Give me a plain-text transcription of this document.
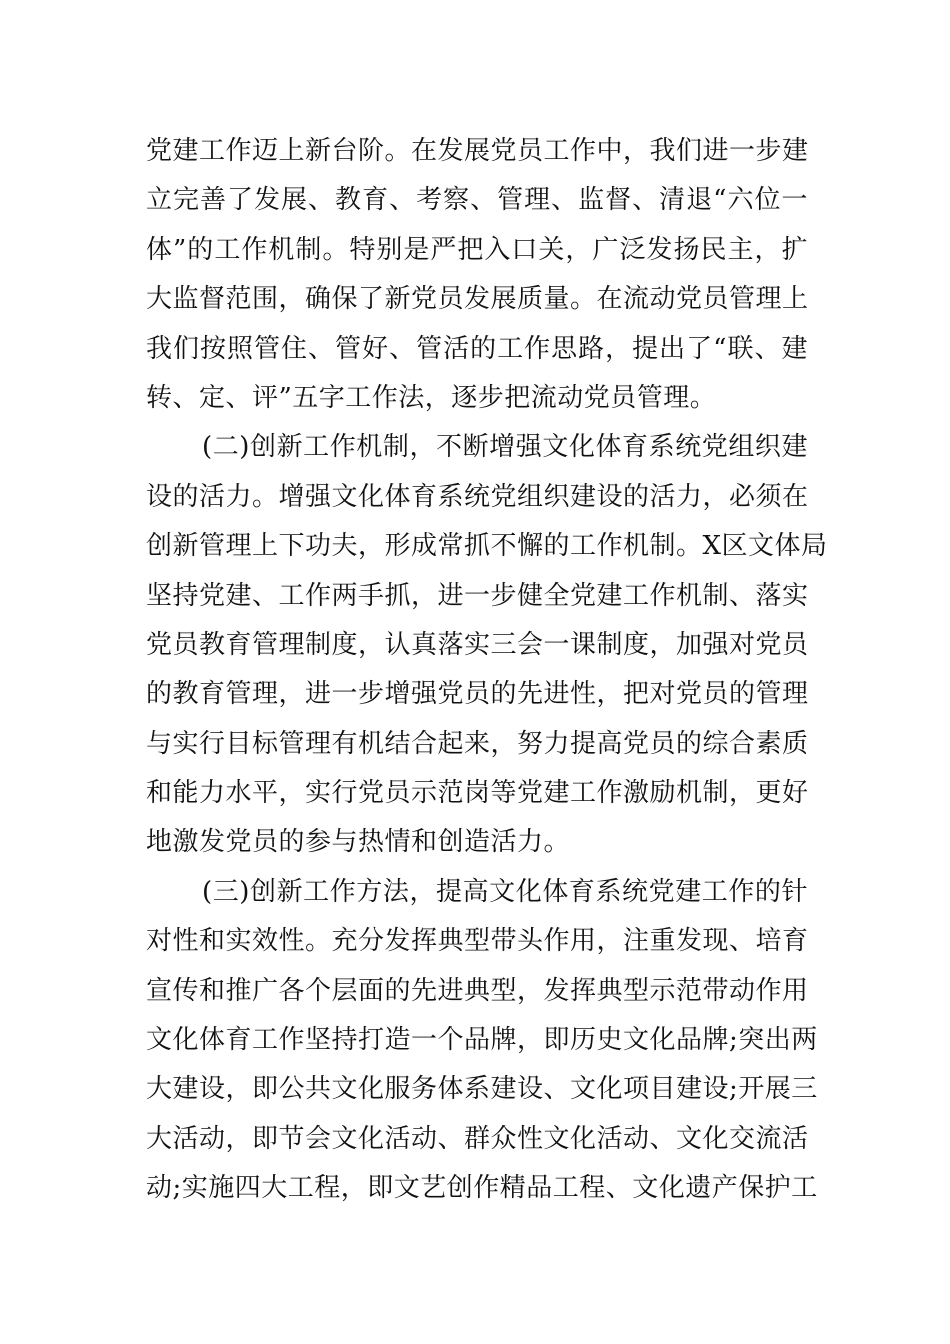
党建工作迈上新台阶。在发展党员工作中，我们进一步建
立完善了发展、教育、考察、管理、监督、清退“六位一
体”的工作机制。特别是严把入口关，广泛发扬民主，扩
大监督范围，确保了新党员发展质量。在流动党员管理上
我们按照管住、管好、管活的工作思路，提出了“联、建
转、定、评”五字工作法，逐步把流动党员管理。
(二)创新工作机制，不断增强文化体育系统党组织建
设的活力。增强文化体育系统党组织建设的活力，必须在
创新管理上下功夫，形成常抓不懈的工作机制。X区文体局
坚持党建、工作两手抓，进一步健全党建工作机制、落实
党员教育管理制度，认真落实三会一课制度，加强对党员
的教育管理，进一步增强党员的先进性，把对党员的管理
与实行目标管理有机结合起来，努力提高党员的综合素质
和能力水平，实行党员示范岗等党建工作激励机制，更好
地激发党员的参与热情和创造活力。
(三)创新工作方法，提高文化体育系统党建工作的针
对性和实效性。充分发挥典型带头作用，注重发现、培育
宣传和推广各个层面的先进典型，发挥典型示范带动作用
文化体育工作坚持打造一个品牌，即历史文化品牌;突出两
大建设，即公共文化服务体系建设、文化项目建设;开展三
大活动，即节会文化活动、群众性文化活动、文化交流活
动;实施四大工程，即文艺创作精品工程、文化遗产保护工
